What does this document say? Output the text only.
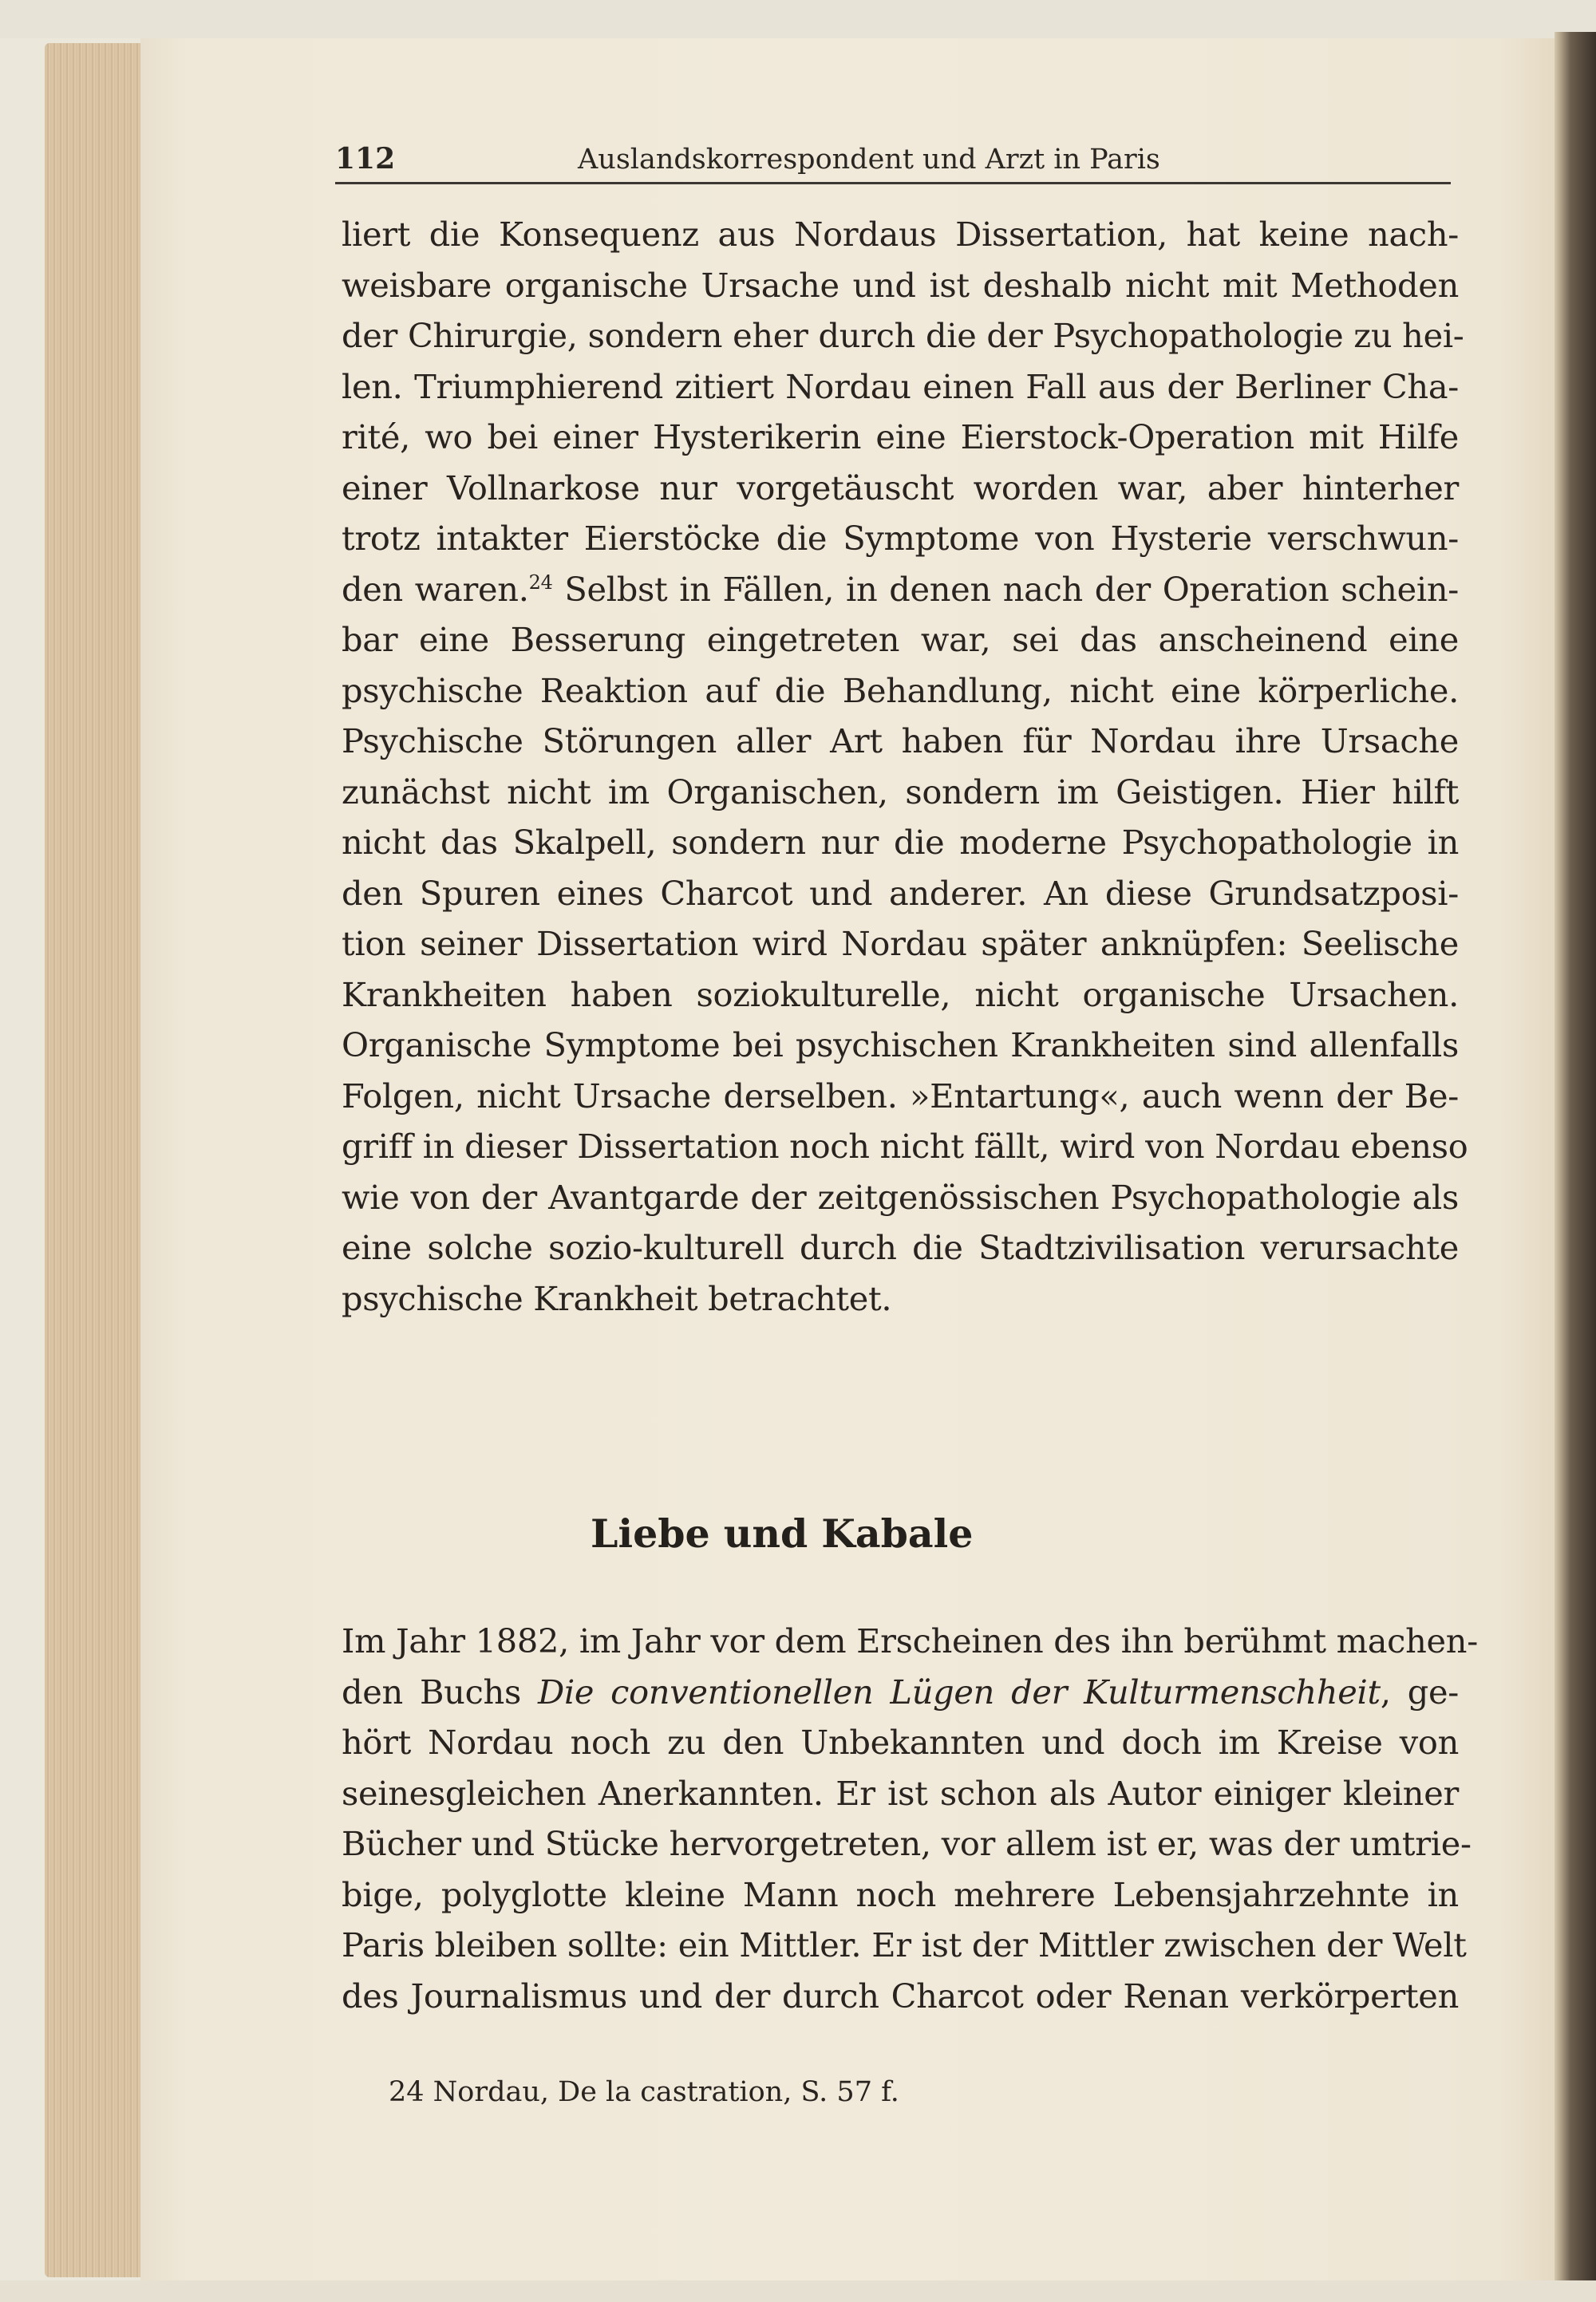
112	Auslandskorrespondent und Arzt in Paris
liert die Konsequenz aus Nordaus Dissertation, hat keine nach-
weisbare organische Ursache und ist deshalb nicht mit Methoden
der Chirurgie, sondern eher durch die der Psychopathologie zu hei-
len. Triumphierend zitiert Nordau einen Fall aus der Berliner Cha-
rité, wo bei einer Hysterikerin eine Eierstock-Operation mit Hilfe
einer Vollnarkose nur vorgetäuscht worden war, aber hinterher
trotz intakter Eierstöcke die Symptome von Hysterie verschwun-
den waren.$^{24}$ Selbst in Fällen, in denen nach der Operation schein-
bar eine Besserung eingetreten war, sei das anscheinend eine
psychische Reaktion auf die Behandlung, nicht eine körperliche.
Psychische Störungen aller Art haben für Nordau ihre Ursache
zunächst nicht im Organischen, sondern im Geistigen. Hier hilft
nicht das Skalpell, sondern nur die moderne Psychopathologie in
den Spuren eines Charcot und anderer. An diese Grundsatzposi-
tion seiner Dissertation wird Nordau später anknüpfen: Seelische
Krankheiten haben soziokulturelle, nicht organische Ursachen.
Organische Symptome bei psychischen Krankheiten sind allenfalls
Folgen, nicht Ursache derselben. »Entartung«, auch wenn der Be-
griff in dieser Dissertation noch nicht fällt, wird von Nordau ebenso
wie von der Avantgarde der zeitgenössischen Psychopathologie als
eine solche sozio-kulturell durch die Stadtzivilisation verursachte
psychische Krankheit betrachtet.
Liebe und Kabale
Im Jahr 1882, im Jahr vor dem Erscheinen des ihn berühmt machen-
den Buchs Die conventionellen Lügen der Kulturmenschheit, ge-
hört Nordau noch zu den Unbekannten und doch im Kreise von
seinesgleichen Anerkannten. Er ist schon als Autor einiger kleiner
Bücher und Stücke hervorgetreten, vor allem ist er, was der umtrie-
bige, polyglotte kleine Mann noch mehrere Lebensjahrzehnte in
Paris bleiben sollte: ein Mittler. Er ist der Mittler zwischen der Welt
des Journalismus und der durch Charcot oder Renan verkörperten
24 Nordau, De la castration, S. 57 f.
